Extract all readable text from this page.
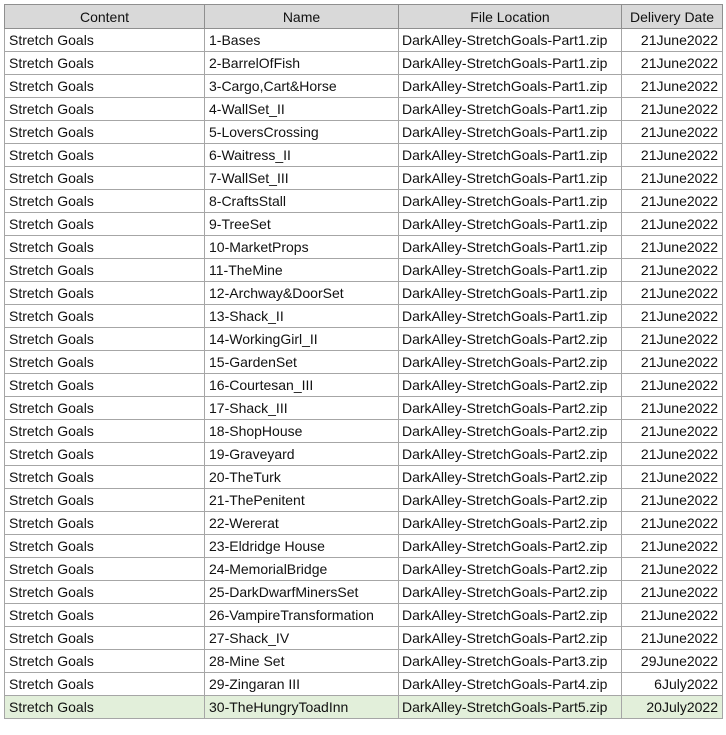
Content	Name	File Location	Delivery Date
Stretch Goals	1-Bases	DarkAlley-StretchGoals-Part1.zip	21June2022
Stretch Goals	2-BarrelOfFish	DarkAlley-StretchGoals-Part1.zip	21June2022
Stretch Goals	3-Cargo,Cart&Horse	DarkAlley-StretchGoals-Part1.zip	21June2022
Stretch Goals	4-WallSet_II	DarkAlley-StretchGoals-Part1.zip	21June2022
Stretch Goals	5-LoversCrossing	DarkAlley-StretchGoals-Part1.zip	21June2022
Stretch Goals	6-Waitress_II	DarkAlley-StretchGoals-Part1.zip	21June2022
Stretch Goals	7-WallSet_III	DarkAlley-StretchGoals-Part1.zip	21June2022
Stretch Goals	8-CraftsStall	DarkAlley-StretchGoals-Part1.zip	21June2022
Stretch Goals	9-TreeSet	DarkAlley-StretchGoals-Part1.zip	21June2022
Stretch Goals	10-MarketProps	DarkAlley-StretchGoals-Part1.zip	21June2022
Stretch Goals	11-TheMine	DarkAlley-StretchGoals-Part1.zip	21June2022
Stretch Goals	12-Archway&DoorSet	DarkAlley-StretchGoals-Part1.zip	21June2022
Stretch Goals	13-Shack_II	DarkAlley-StretchGoals-Part1.zip	21June2022
Stretch Goals	14-WorkingGirl_II	DarkAlley-StretchGoals-Part2.zip	21June2022
Stretch Goals	15-GardenSet	DarkAlley-StretchGoals-Part2.zip	21June2022
Stretch Goals	16-Courtesan_III	DarkAlley-StretchGoals-Part2.zip	21June2022
Stretch Goals	17-Shack_III	DarkAlley-StretchGoals-Part2.zip	21June2022
Stretch Goals	18-ShopHouse	DarkAlley-StretchGoals-Part2.zip	21June2022
Stretch Goals	19-Graveyard	DarkAlley-StretchGoals-Part2.zip	21June2022
Stretch Goals	20-TheTurk	DarkAlley-StretchGoals-Part2.zip	21June2022
Stretch Goals	21-ThePenitent	DarkAlley-StretchGoals-Part2.zip	21June2022
Stretch Goals	22-Wererat	DarkAlley-StretchGoals-Part2.zip	21June2022
Stretch Goals	23-Eldridge House	DarkAlley-StretchGoals-Part2.zip	21June2022
Stretch Goals	24-MemorialBridge	DarkAlley-StretchGoals-Part2.zip	21June2022
Stretch Goals	25-DarkDwarfMinersSet	DarkAlley-StretchGoals-Part2.zip	21June2022
Stretch Goals	26-VampireTransformation	DarkAlley-StretchGoals-Part2.zip	21June2022
Stretch Goals	27-Shack_IV	DarkAlley-StretchGoals-Part2.zip	21June2022
Stretch Goals	28-Mine Set	DarkAlley-StretchGoals-Part3.zip	29June2022
Stretch Goals	29-Zingaran III	DarkAlley-StretchGoals-Part4.zip	6July2022
Stretch Goals	30-TheHungryToadInn	DarkAlley-StretchGoals-Part5.zip	20July2022
